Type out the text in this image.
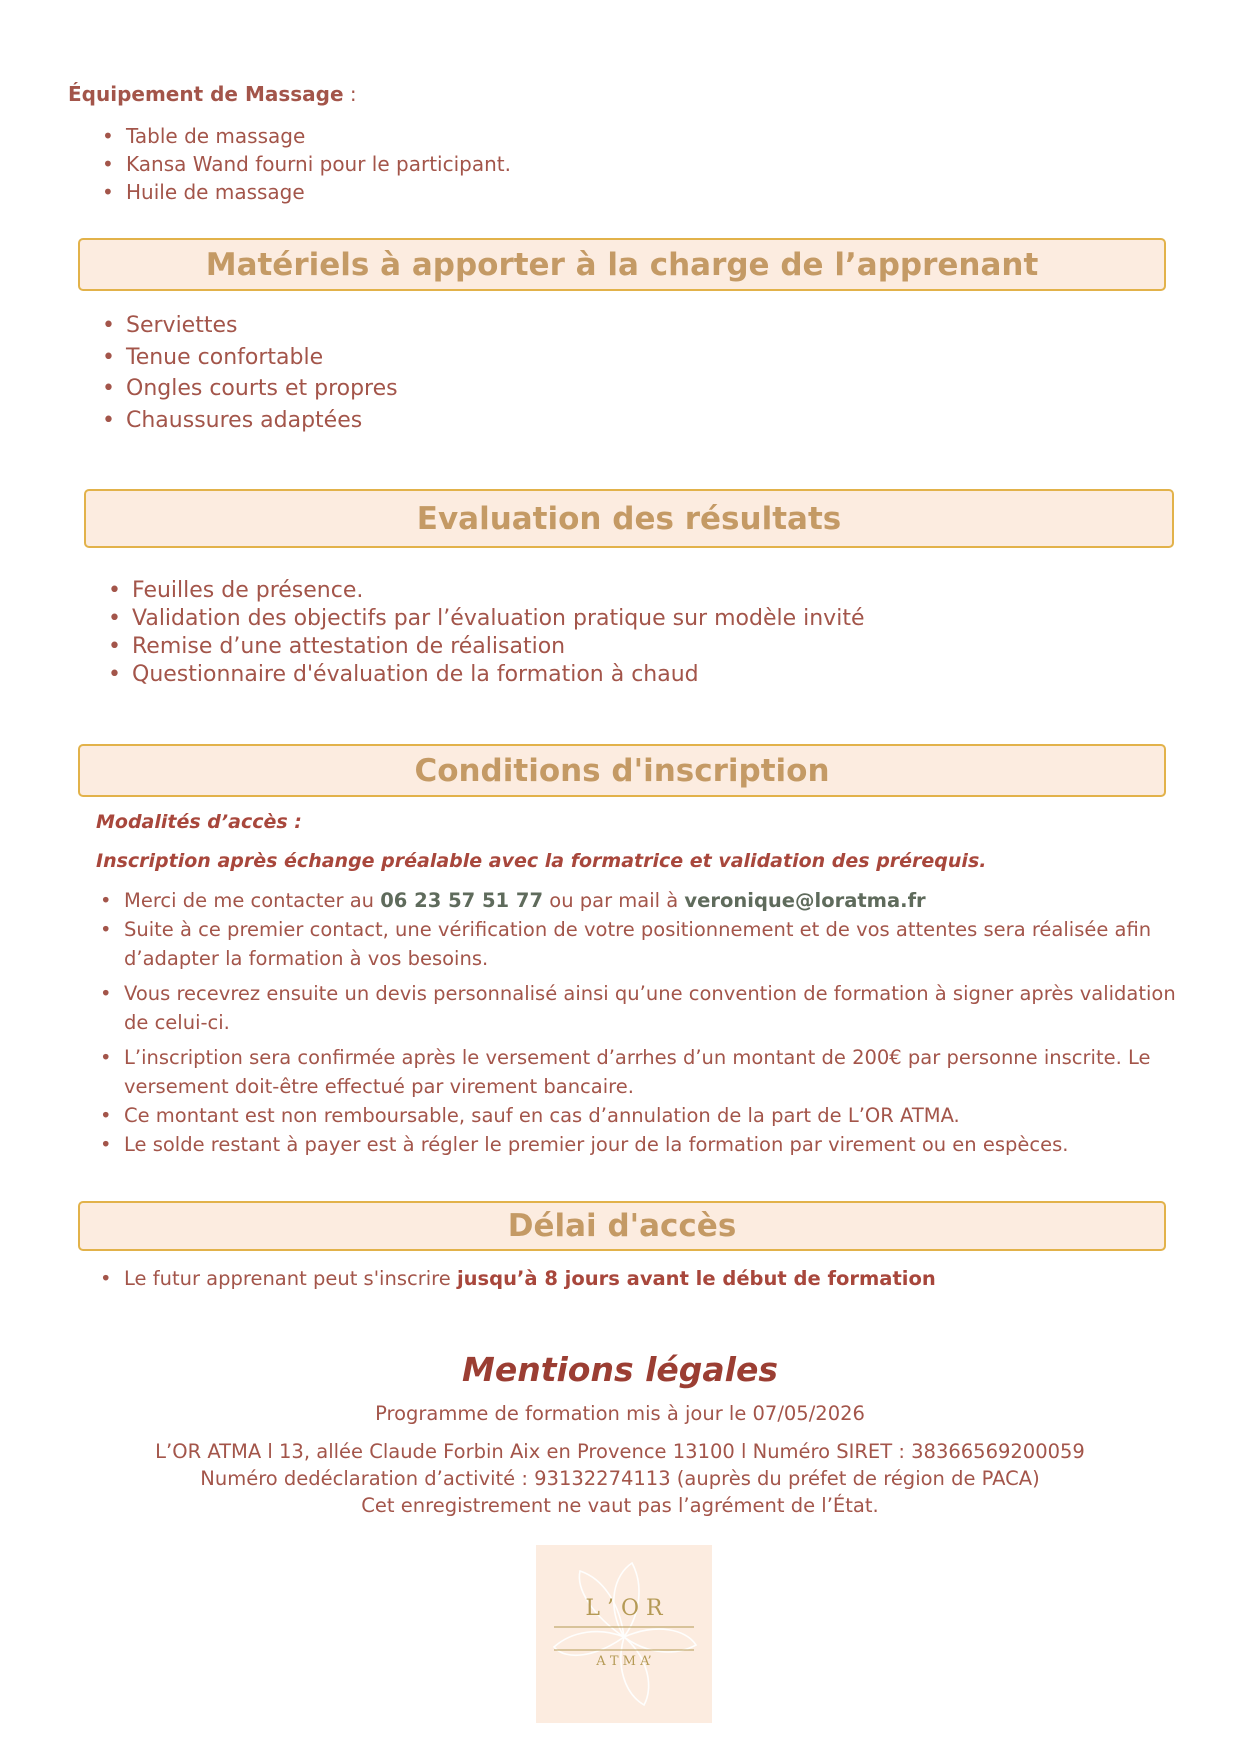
Équipement de Massage :
• Table de massage
• Kansa Wand fourni pour le participant.
• Huile de massage
Matériels à apporter à la charge de l’apprenant
• Serviettes
• Tenue confortable
• Ongles courts et propres
• Chaussures adaptées
Evaluation des résultats
• Feuilles de présence.
• Validation des objectifs par l’évaluation pratique sur modèle invité
• Remise d’une attestation de réalisation
• Questionnaire d'évaluation de la formation à chaud
Conditions d'inscription
Modalités d’accès :
Inscription après échange préalable avec la formatrice et validation des prérequis.
• Merci de me contacter au 06 23 57 51 77 ou par mail à veronique@loratma.fr
• Suite à ce premier contact, une vérification de votre positionnement et de vos attentes sera réalisée afin d’adapter la formation à vos besoins.
• Vous recevrez ensuite un devis personnalisé ainsi qu’une convention de formation à signer après validation de celui-ci.
• L’inscription sera confirmée après le versement d’arrhes d’un montant de 200€ par personne inscrite. Le versement doit-être effectué par virement bancaire.
• Ce montant est non remboursable, sauf en cas d’annulation de la part de L’OR ATMA.
• Le solde restant à payer est à régler le premier jour de la formation par virement ou en espèces.
Délai d'accès
• Le futur apprenant peut s'inscrire jusqu’à 8 jours avant le début de formation
Mentions légales
Programme de formation mis à jour le 07/05/2026
L’OR ATMA l 13, allée Claude Forbin Aix en Provence 13100 l Numéro SIRET : 38366569200059
Numéro dedéclaration d’activité : 93132274113 (auprès du préfet de région de PACA)
Cet enregistrement ne vaut pas l’agrément de l’État.
L ’ O R
A T M A’
